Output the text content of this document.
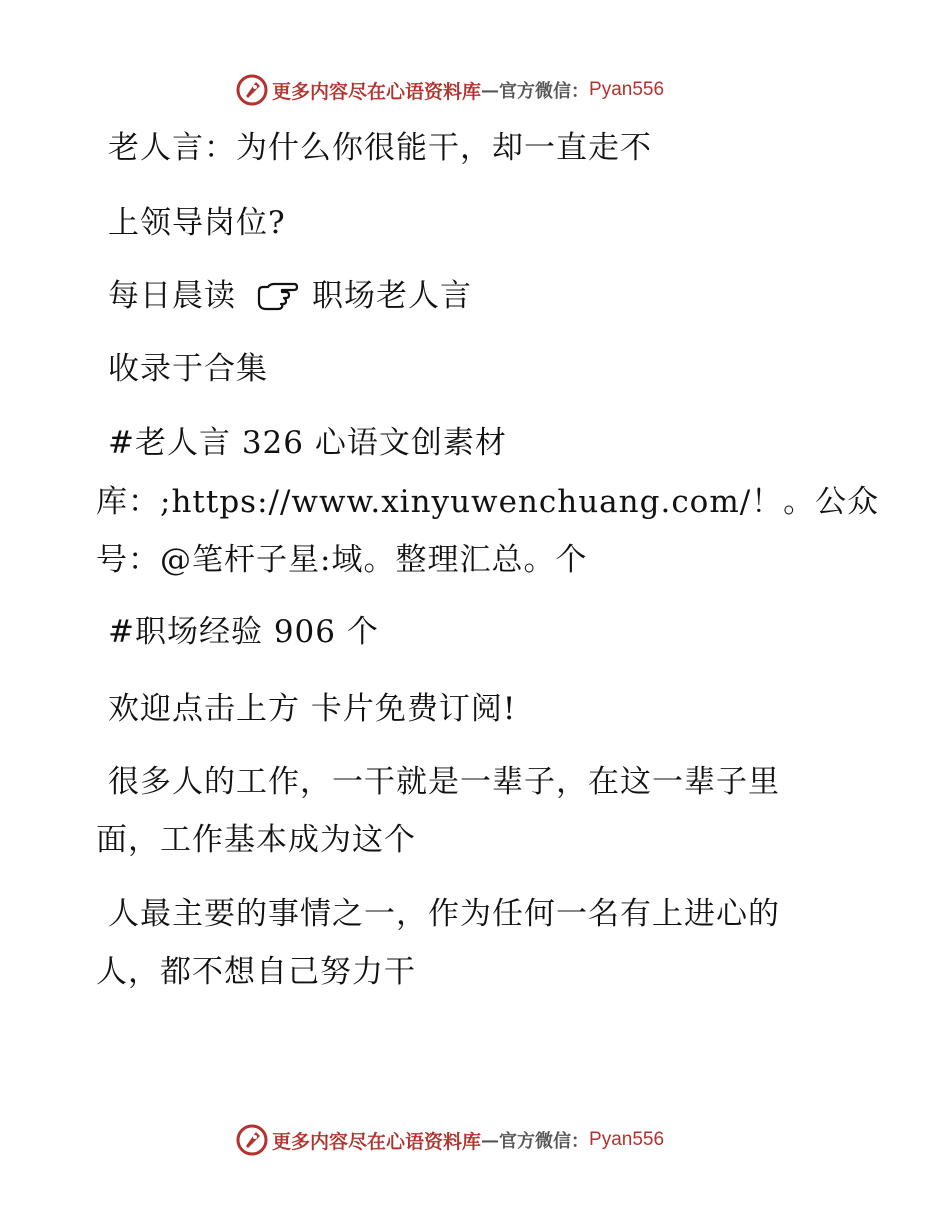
更多内容尽在心语资料库 — 官方微信： Pyan556
老人言：为什么你很能干，却一直走不
上领导岗位?
每日晨读 职场老人言
收录于合集
#老人言 326 心语文创素材
库：;https://www.xinyuwenchuang.com/！。公众
号：@笔杆子星:域。整理汇总。个
#职场经验 906 个
欢迎点击上方 卡片免费订阅!
很多人的工作，一干就是一辈子，在这一辈子里
面，工作基本成为这个
人最主要的事情之一，作为任何一名有上进心的
人，都不想自己努力干
更多内容尽在心语资料库 — 官方微信： Pyan556
